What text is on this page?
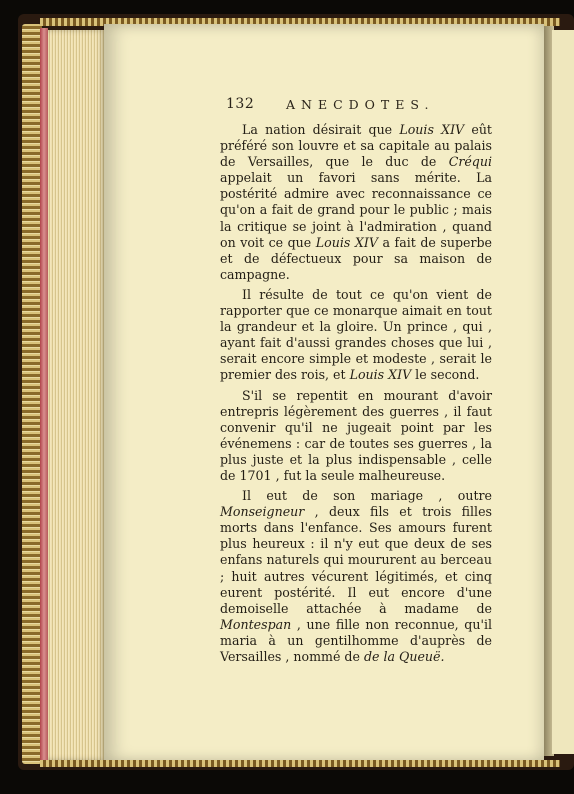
132	ANECDOTES.

La nation désirait que Louis XIV eût préféré son louvre et sa capitale au palais de Versailles, que le duc de Créqui appelait un favori sans mérite. La postérité admire avec reconnaissance ce qu'on a fait de grand pour le public ; mais la critique se joint à l'admiration , quand on voit ce que Louis XIV a fait de superbe et de défectueux pour sa maison de campagne.

Il résulte de tout ce qu'on vient de rapporter que ce monarque aimait en tout la grandeur et la gloire. Un prince , qui , ayant fait d'aussi grandes choses que lui , serait encore simple et modeste , serait le premier des rois, et Louis XIV le second.

S'il se repentit en mourant d'avoir entrepris légèrement des guerres , il faut convenir qu'il ne jugeait point par les événemens : car de toutes ses guerres , la plus juste et la plus indispensable , celle de 1701 , fut la seule malheureuse.

Il eut de son mariage , outre Monseigneur , deux fils et trois filles morts dans l'enfance. Ses amours furent plus heureux : il n'y eut que deux de ses enfans naturels qui moururent au berceau ; huit autres vécurent légitimés, et cinq eurent postérité. Il eut encore d'une demoiselle attachée à madame de Montespan , une fille non reconnue, qu'il maria à un gentilhomme d'auprès de Versailles , nommé de de la Queuë.
